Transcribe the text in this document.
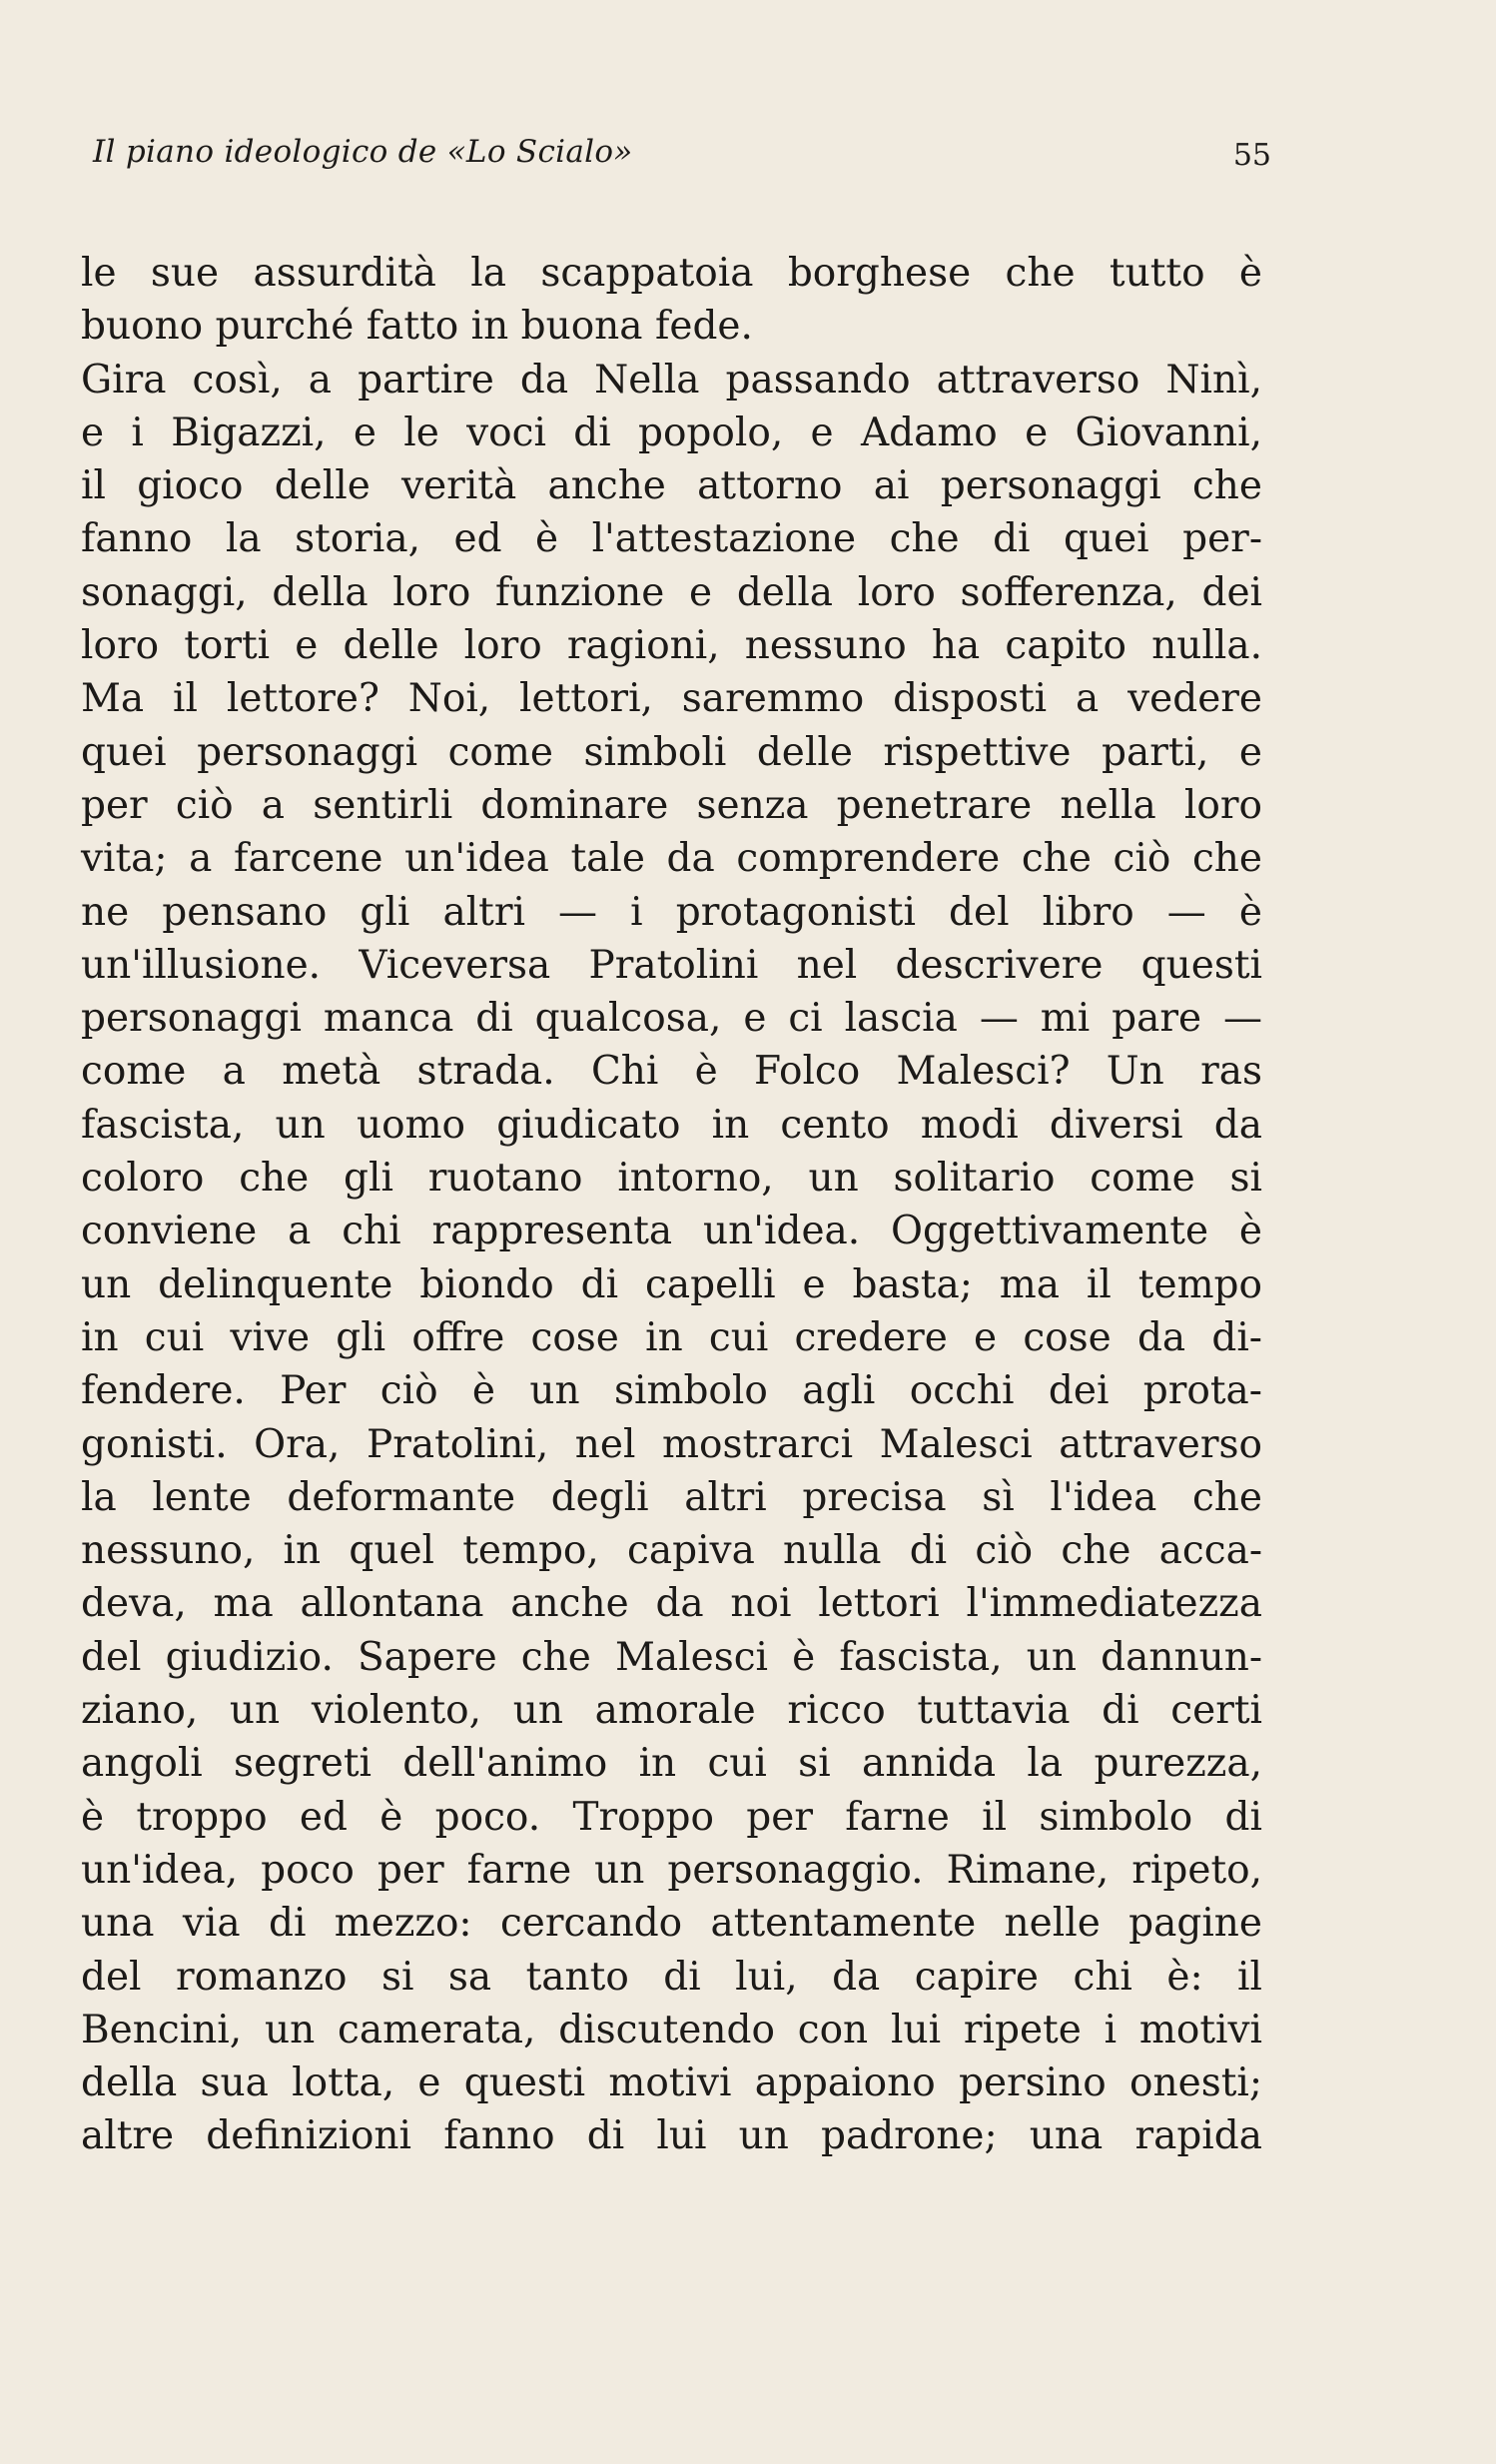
Il piano ideologico de «Lo Scialo»	55
le sue assurdità la scappatoia borghese che tutto è
buono purché fatto in buona fede.
Gira così, a partire da Nella passando attraverso Ninì,
e i Bigazzi, e le voci di popolo, e Adamo e Giovanni,
il gioco delle verità anche attorno ai personaggi che
fanno la storia, ed è l'attestazione che di quei per-
sonaggi, della loro funzione e della loro sofferenza, dei
loro torti e delle loro ragioni, nessuno ha capito nulla.
Ma il lettore? Noi, lettori, saremmo disposti a vedere
quei personaggi come simboli delle rispettive parti, e
per ciò a sentirli dominare senza penetrare nella loro
vita; a farcene un'idea tale da comprendere che ciò che
ne pensano gli altri — i protagonisti del libro — è
un'illusione. Viceversa Pratolini nel descrivere questi
personaggi manca di qualcosa, e ci lascia — mi pare —
come a metà strada. Chi è Folco Malesci? Un ras
fascista, un uomo giudicato in cento modi diversi da
coloro che gli ruotano intorno, un solitario come si
conviene a chi rappresenta un'idea. Oggettivamente è
un delinquente biondo di capelli e basta; ma il tempo
in cui vive gli offre cose in cui credere e cose da di-
fendere. Per ciò è un simbolo agli occhi dei prota-
gonisti. Ora, Pratolini, nel mostrarci Malesci attraverso
la lente deformante degli altri precisa sì l'idea che
nessuno, in quel tempo, capiva nulla di ciò che acca-
deva, ma allontana anche da noi lettori l'immediatezza
del giudizio. Sapere che Malesci è fascista, un dannun-
ziano, un violento, un amorale ricco tuttavia di certi
angoli segreti dell'animo in cui si annida la purezza,
è troppo ed è poco. Troppo per farne il simbolo di
un'idea, poco per farne un personaggio. Rimane, ripeto,
una via di mezzo: cercando attentamente nelle pagine
del romanzo si sa tanto di lui, da capire chi è: il
Bencini, un camerata, discutendo con lui ripete i motivi
della sua lotta, e questi motivi appaiono persino onesti;
altre definizioni fanno di lui un padrone; una rapida
